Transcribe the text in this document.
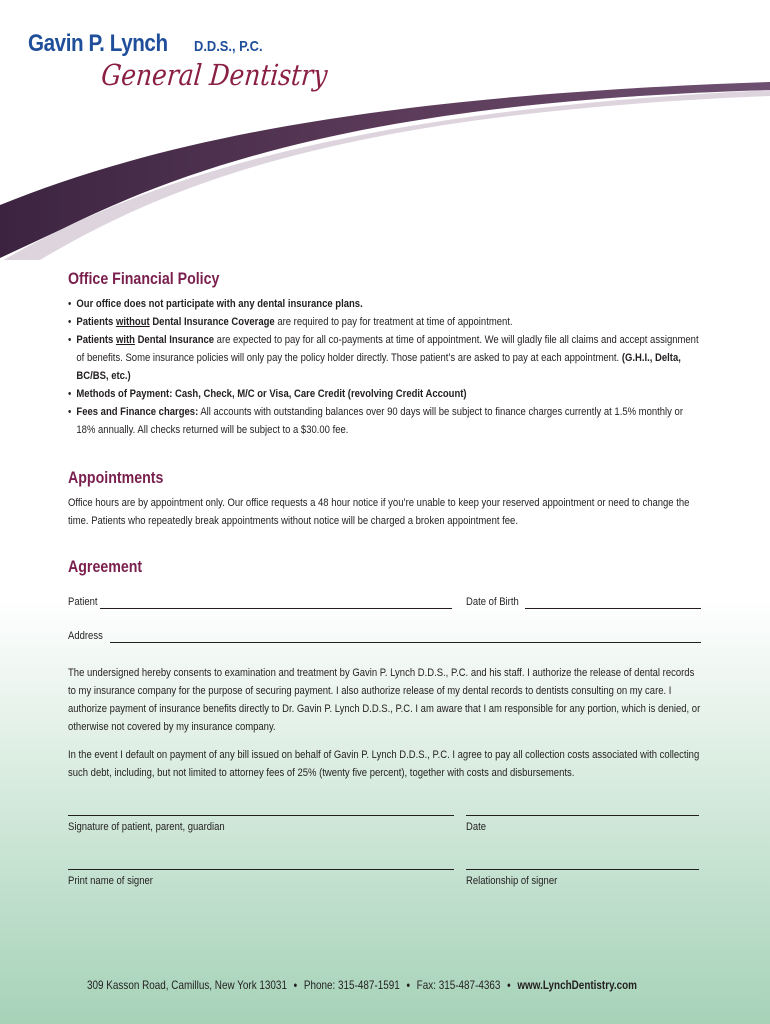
Gavin P. Lynch D.D.S., P.C.
General Dentistry
Office Financial Policy
• Our office does not participate with any dental insurance plans.
• Patients without Dental Insurance Coverage are required to pay for treatment at time of appointment.
• Patients with Dental Insurance are expected to pay for all co-payments at time of appointment. We will gladly file all claims and accept assignment of benefits. Some insurance policies will only pay the policy holder directly. Those patient’s are asked to pay at each appointment. (G.H.I., Delta, BC/BS, etc.)
• Methods of Payment: Cash, Check, M/C or Visa, Care Credit (revolving Credit Account)
• Fees and Finance charges: All accounts with outstanding balances over 90 days will be subject to finance charges currently at 1.5% monthly or 18% annually. All checks returned will be subject to a $30.00 fee.
Appointments
Office hours are by appointment only. Our office requests a 48 hour notice if you’re unable to keep your reserved appointment or need to change the time. Patients who repeatedly break appointments without notice will be charged a broken appointment fee.
Agreement
Patient	Date of Birth
Address
The undersigned hereby consents to examination and treatment by Gavin P. Lynch D.D.S., P.C. and his staff. I authorize the release of dental records to my insurance company for the purpose of securing payment. I also authorize release of my dental records to dentists consulting on my care. I authorize payment of insurance benefits directly to Dr. Gavin P. Lynch D.D.S., P.C. I am aware that I am responsible for any portion, which is denied, or otherwise not covered by my insurance company.
In the event I default on payment of any bill issued on behalf of Gavin P. Lynch D.D.S., P.C. I agree to pay all collection costs associated with collecting such debt, including, but not limited to attorney fees of 25% (twenty five percent), together with costs and disbursements.
Signature of patient, parent, guardian	Date
Print name of signer	Relationship of signer
309 Kasson Road, Camillus, New York 13031 • Phone: 315-487-1591 • Fax: 315-487-4363 • www.LynchDentistry.com
